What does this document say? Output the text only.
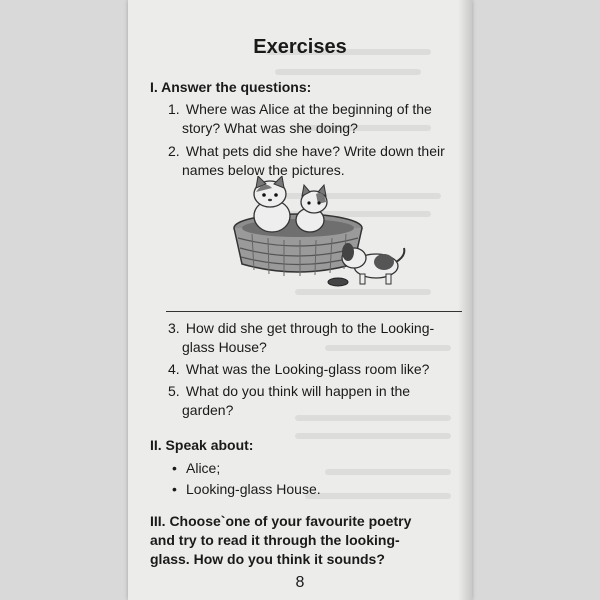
Exercises
I. Answer the questions:
1. Where was Alice at the beginning of the
story? What was she doing?
2. What pets did she have? Write down their
names below the pictures.
3. How did she get through to the Looking-
glass House?
4. What was the Looking-glass room like?
5. What do you think will happen in the
garden?
II. Speak about:
• Alice;
• Looking-glass House.
III. Choose`one of your favourite poetry
and try to read it through the looking-
glass. How do you think it sounds?
8
